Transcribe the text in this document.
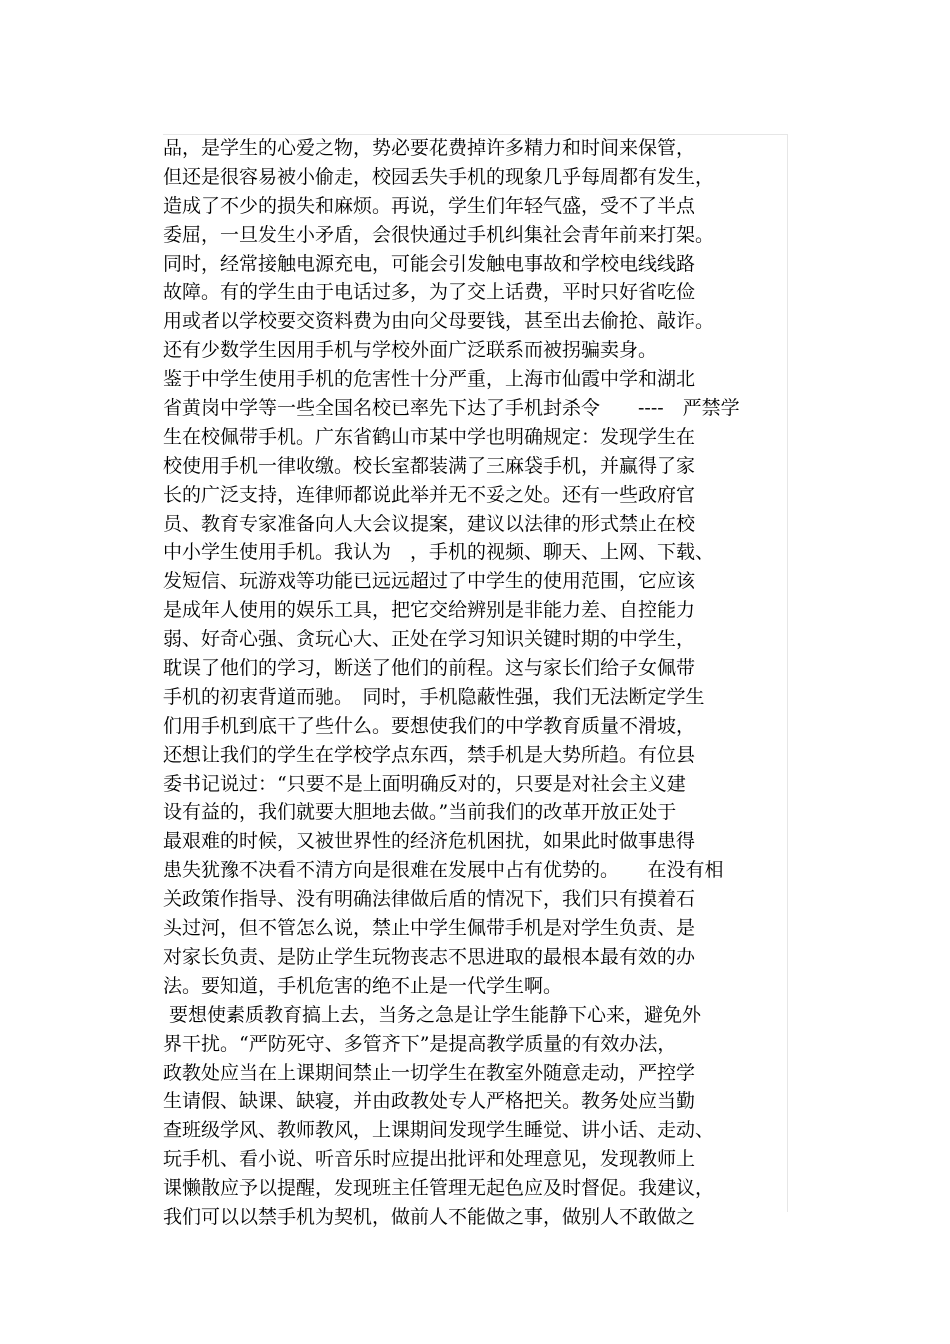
品，是学生的心爱之物，势必要花费掉许多精力和时间来保管，
但还是很容易被小偷走，校园丢失手机的现象几乎每周都有发生，
造成了不少的损失和麻烦。再说，学生们年轻气盛，受不了半点
委屈，一旦发生小矛盾，会很快通过手机纠集社会青年前来打架。
同时，经常接触电源充电，可能会引发触电事故和学校电线线路
故障。有的学生由于电话过多，为了交上话费，平时只好省吃俭
用或者以学校要交资料费为由向父母要钱，甚至出去偷抢、敲诈。
还有少数学生因用手机与学校外面广泛联系而被拐骗卖身。
鉴于中学生使用手机的危害性十分严重，上海市仙霞中学和湖北
省黄岗中学等一些全国名校已率先下达了手机封杀令　　----　严禁学
生在校佩带手机。广东省鹤山市某中学也明确规定：发现学生在
校使用手机一律收缴。校长室都装满了三麻袋手机，并赢得了家
长的广泛支持，连律师都说此举并无不妥之处。还有一些政府官
员、教育专家准备向人大会议提案，建议以法律的形式禁止在校
中小学生使用手机。我认为　，手机的视频、聊天、上网、下载、
发短信、玩游戏等功能已远远超过了中学生的使用范围，它应该
是成年人使用的娱乐工具，把它交给辨别是非能力差、自控能力
弱、好奇心强、贪玩心大、正处在学习知识关键时期的中学生，
耽误了他们的学习，断送了他们的前程。这与家长们给子女佩带
手机的初衷背道而驰。　同时，手机隐蔽性强，我们无法断定学生
们用手机到底干了些什么。要想使我们的中学教育质量不滑坡，
还想让我们的学生在学校学点东西，禁手机是大势所趋。有位县
委书记说过：“只要不是上面明确反对的，只要是对社会主义建
设有益的，我们就要大胆地去做。”当前我们的改革开放正处于
最艰难的时候，又被世界性的经济危机困扰，如果此时做事患得
患失犹豫不决看不清方向是很难在发展中占有优势的。　　在没有相
关政策作指导、没有明确法律做后盾的情况下，我们只有摸着石
头过河，但不管怎么说，禁止中学生佩带手机是对学生负责、是
对家长负责、是防止学生玩物丧志不思进取的最根本最有效的办
法。要知道，手机危害的绝不止是一代学生啊。
要想使素质教育搞上去，当务之急是让学生能静下心来，避免外
界干扰。“严防死守、多管齐下”是提高教学质量的有效办法，
政教处应当在上课期间禁止一切学生在教室外随意走动，严控学
生请假、缺课、缺寝，并由政教处专人严格把关。教务处应当勤
查班级学风、教师教风，上课期间发现学生睡觉、讲小话、走动、
玩手机、看小说、听音乐时应提出批评和处理意见，发现教师上
课懒散应予以提醒，发现班主任管理无起色应及时督促。我建议，
我们可以以禁手机为契机，做前人不能做之事，做别人不敢做之
